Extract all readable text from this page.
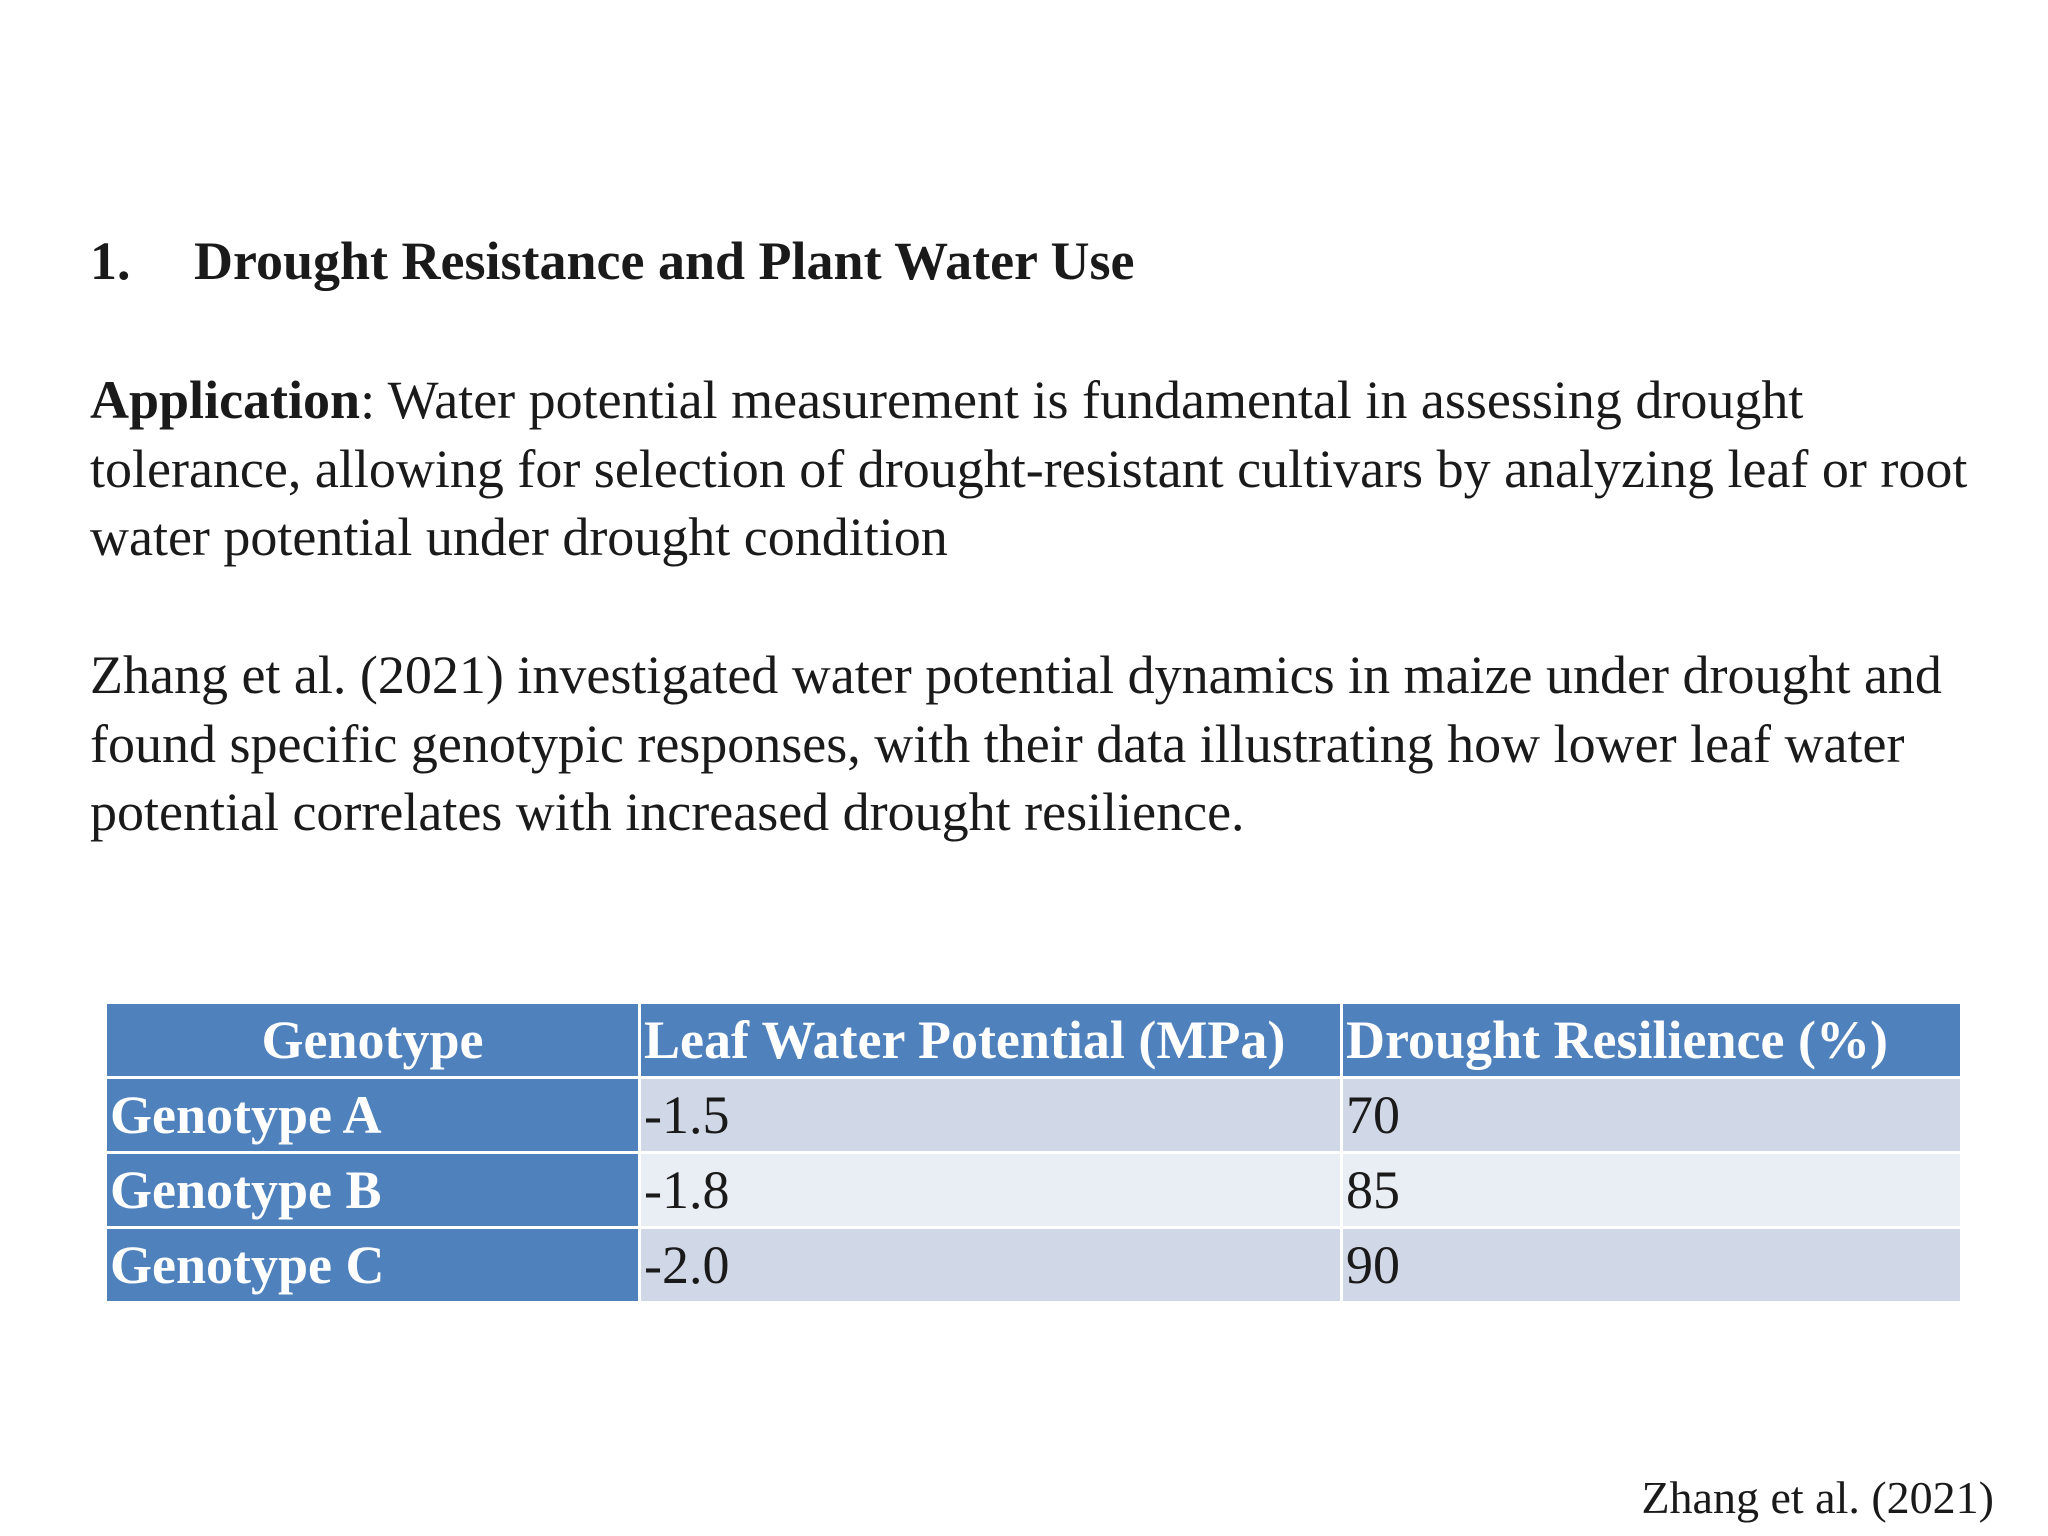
1. Drought Resistance and Plant Water Use

Application: Water potential measurement is fundamental in assessing drought tolerance, allowing for selection of drought-resistant cultivars by analyzing leaf or root water potential under drought condition

Zhang et al. (2021) investigated water potential dynamics in maize under drought and found specific genotypic responses, with their data illustrating how lower leaf water potential correlates with increased drought resilience.

Genotype	Leaf Water Potential (MPa)	Drought Resilience (%)
Genotype A	-1.5	70
Genotype B	-1.8	85
Genotype C	-2.0	90
Zhang et al. (2021)
